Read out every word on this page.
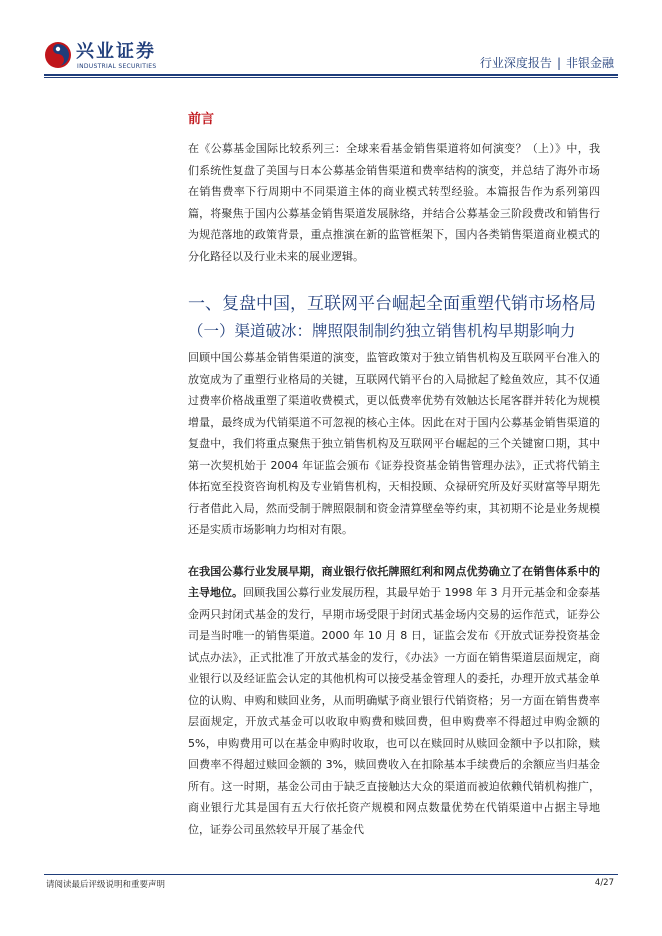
兴业证券
INDUSTRIAL SECURITIES	行业深度报告 | 非银金融
前言

在《公募基金国际比较系列三：全球来看基金销售渠道将如何演变？（上）》中，我们系统性复盘了美国与日本公募基金销售渠道和费率结构的演变，并总结了海外市场在销售费率下行周期中不同渠道主体的商业模式转型经验。本篇报告作为系列第四篇，将聚焦于国内公募基金销售渠道发展脉络，并结合公募基金三阶段费改和销售行为规范落地的政策背景，重点推演在新的监管框架下，国内各类销售渠道商业模式的分化路径以及行业未来的展业逻辑。

一、复盘中国，互联网平台崛起全面重塑代销市场格局
（一）渠道破冰：牌照限制制约独立销售机构早期影响力

回顾中国公募基金销售渠道的演变，监管政策对于独立销售机构及互联网平台准入的放宽成为了重塑行业格局的关键，互联网代销平台的入局掀起了鲶鱼效应，其不仅通过费率价格战重塑了渠道收费模式，更以低费率优势有效触达长尾客群并转化为规模增量，最终成为代销渠道不可忽视的核心主体。因此在对于国内公募基金销售渠道的复盘中，我们将重点聚焦于独立销售机构及互联网平台崛起的三个关键窗口期，其中第一次契机始于 2004 年证监会颁布《证券投资基金销售管理办法》，正式将代销主体拓宽至投资咨询机构及专业销售机构，天相投顾、众禄研究所及好买财富等早期先行者借此入局，然而受制于牌照限制和资金清算壁垒等约束，其初期不论是业务规模还是实质市场影响力均相对有限。

在我国公募行业发展早期，商业银行依托牌照红利和网点优势确立了在销售体系中的主导地位。回顾我国公募行业发展历程，其最早始于 1998 年 3 月开元基金和金泰基金两只封闭式基金的发行，早期市场受限于封闭式基金场内交易的运作范式，证券公司是当时唯一的销售渠道。2000 年 10 月 8 日，证监会发布《开放式证券投资基金试点办法》，正式批准了开放式基金的发行，《办法》一方面在销售渠道层面规定，商业银行以及经证监会认定的其他机构可以接受基金管理人的委托，办理开放式基金单位的认购、申购和赎回业务，从而明确赋予商业银行代销资格；另一方面在销售费率层面规定，开放式基金可以收取申购费和赎回费，但申购费率不得超过申购金额的 5%，申购费用可以在基金申购时收取，也可以在赎回时从赎回金额中予以扣除，赎回费率不得超过赎回金额的 3%，赎回费收入在扣除基本手续费后的余额应当归基金所有。这一时期，基金公司由于缺乏直接触达大众的渠道而被迫依赖代销机构推广，商业银行尤其是国有五大行依托资产规模和网点数量优势在代销渠道中占据主导地位，证券公司虽然较早开展了基金代

请阅读最后评级说明和重要声明	4/27
